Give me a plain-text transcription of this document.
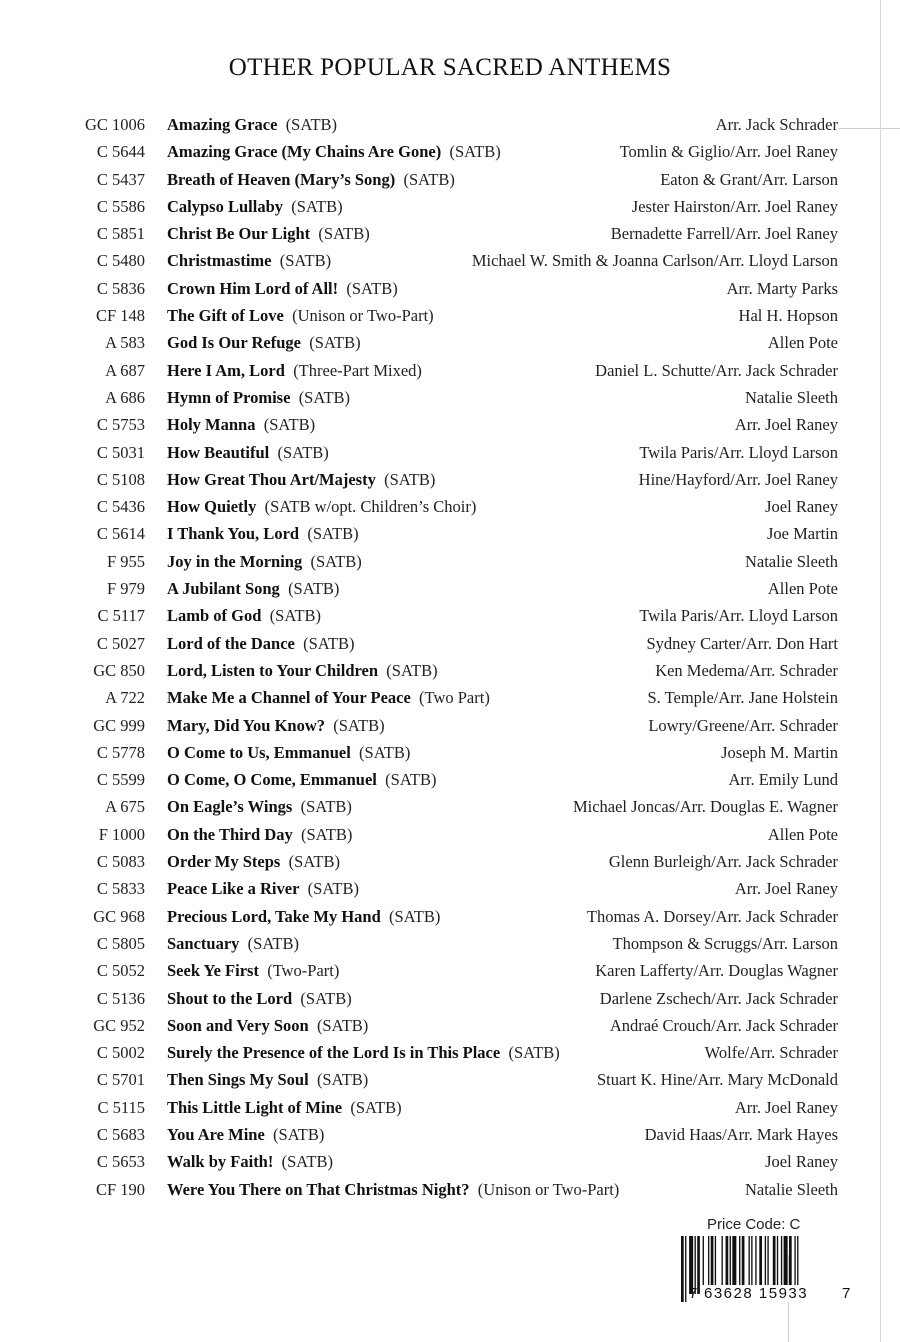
OTHER POPULAR SACRED ANTHEMS
GC 1006 Amazing Grace (SATB)	Arr. Jack Schrader
C 5644 Amazing Grace (My Chains Are Gone) (SATB)	Tomlin & Giglio/Arr. Joel Raney
C 5437 Breath of Heaven (Mary’s Song) (SATB)	Eaton & Grant/Arr. Larson
C 5586 Calypso Lullaby (SATB)	Jester Hairston/Arr. Joel Raney
C 5851 Christ Be Our Light (SATB)	Bernadette Farrell/Arr. Joel Raney
C 5480 Christmastime (SATB)	Michael W. Smith & Joanna Carlson/Arr. Lloyd Larson
C 5836 Crown Him Lord of All! (SATB)	Arr. Marty Parks
CF 148 The Gift of Love (Unison or Two-Part)	Hal H. Hopson
A 583 God Is Our Refuge (SATB)	Allen Pote
A 687 Here I Am, Lord (Three-Part Mixed)	Daniel L. Schutte/Arr. Jack Schrader
A 686 Hymn of Promise (SATB)	Natalie Sleeth
C 5753 Holy Manna (SATB)	Arr. Joel Raney
C 5031 How Beautiful (SATB)	Twila Paris/Arr. Lloyd Larson
C 5108 How Great Thou Art/Majesty (SATB)	Hine/Hayford/Arr. Joel Raney
C 5436 How Quietly (SATB w/opt. Children’s Choir)	Joel Raney
C 5614 I Thank You, Lord (SATB)	Joe Martin
F 955 Joy in the Morning (SATB)	Natalie Sleeth
F 979 A Jubilant Song (SATB)	Allen Pote
C 5117 Lamb of God (SATB)	Twila Paris/Arr. Lloyd Larson
C 5027 Lord of the Dance (SATB)	Sydney Carter/Arr. Don Hart
GC 850 Lord, Listen to Your Children (SATB)	Ken Medema/Arr. Schrader
A 722 Make Me a Channel of Your Peace (Two Part)	S. Temple/Arr. Jane Holstein
GC 999 Mary, Did You Know? (SATB)	Lowry/Greene/Arr. Schrader
C 5778 O Come to Us, Emmanuel (SATB)	Joseph M. Martin
C 5599 O Come, O Come, Emmanuel (SATB)	Arr. Emily Lund
A 675 On Eagle’s Wings (SATB)	Michael Joncas/Arr. Douglas E. Wagner
F 1000 On the Third Day (SATB)	Allen Pote
C 5083 Order My Steps (SATB)	Glenn Burleigh/Arr. Jack Schrader
C 5833 Peace Like a River (SATB)	Arr. Joel Raney
GC 968 Precious Lord, Take My Hand (SATB)	Thomas A. Dorsey/Arr. Jack Schrader
C 5805 Sanctuary (SATB)	Thompson & Scruggs/Arr. Larson
C 5052 Seek Ye First (Two-Part)	Karen Lafferty/Arr. Douglas Wagner
C 5136 Shout to the Lord (SATB)	Darlene Zschech/Arr. Jack Schrader
GC 952 Soon and Very Soon (SATB)	Andraé Crouch/Arr. Jack Schrader
C 5002 Surely the Presence of the Lord Is in This Place (SATB)	Wolfe/Arr. Schrader
C 5701 Then Sings My Soul (SATB)	Stuart K. Hine/Arr. Mary McDonald
C 5115 This Little Light of Mine (SATB)	Arr. Joel Raney
C 5683 You Are Mine (SATB)	David Haas/Arr. Mark Hayes
C 5653 Walk by Faith! (SATB)	Joel Raney
CF 190 Were You There on That Christmas Night? (Unison or Two-Part)	Natalie Sleeth
Price Code: C
7 63628 15933 7
